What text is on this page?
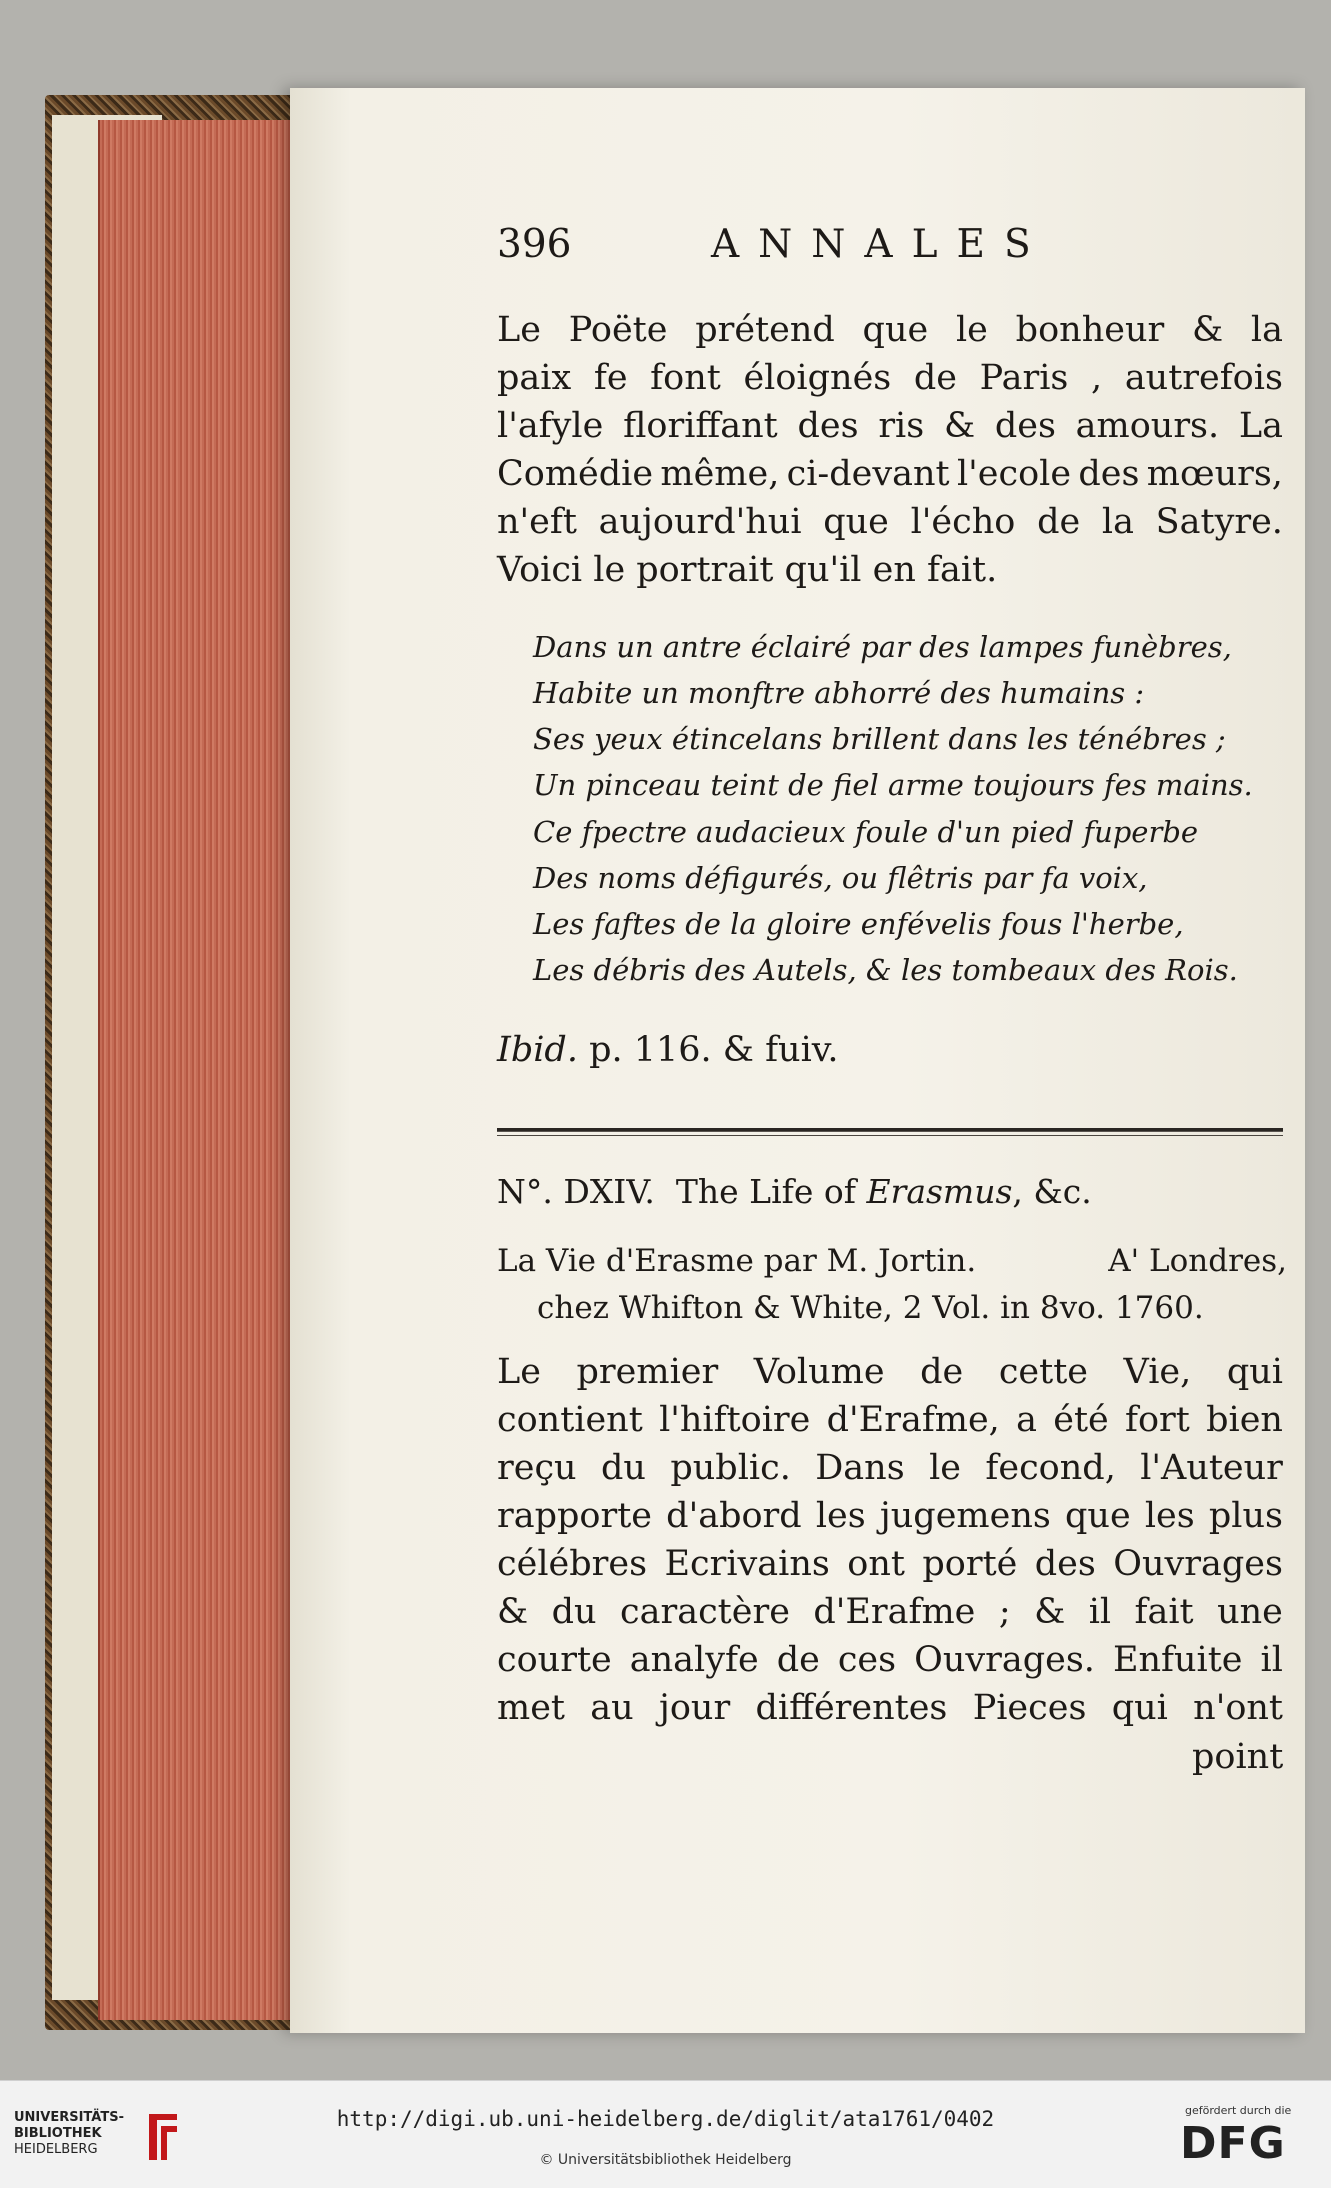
396	ANNALES
Le Poëte prétend que le bonheur & la
paix fe font éloignés de Paris , autrefois
l'afyle floriffant des ris & des amours. La
Comédie même, ci-devant l'ecole des mœurs,
n'eft aujourd'hui que l'écho de la Satyre.
Voici le portrait qu'il en fait.
Dans un antre éclairé par des lampes funèbres,
Habite un monftre abhorré des humains :
Ses yeux étincelans brillent dans les ténébres ;
Un pinceau teint de fiel arme toujours fes mains.
Ce fpectre audacieux foule d'un pied fuperbe
Des noms défigurés, ou flêtris par fa voix,
Les faftes de la gloire enfévelis fous l'herbe,
Les débris des Autels, & les tombeaux des Rois.
Ibid. p. 116. & fuiv.
N°. DXIV. The Life of Erasmus, &c.
La Vie d'Erasme par M. Jortin.	A' Londres,
chez Whifton & White, 2 Vol. in 8vo. 1760.
Le premier Volume de cette Vie, qui
contient l'hiftoire d'Erafme, a été fort bien
reçu du public. Dans le fecond, l'Auteur
rapporte d'abord les jugemens que les plus
célébres Ecrivains ont porté des Ouvrages
& du caractère d'Erafme ; & il fait une
courte analyfe de ces Ouvrages. Enfuite il
met au jour différentes Pieces qui n'ont
point
UNIVERSITÄTS-
BIBLIOTHEK
HEIDELBERG
http://digi.ub.uni-heidelberg.de/diglit/ata1761/0402
© Universitätsbibliothek Heidelberg
gefördert durch die
DFG
